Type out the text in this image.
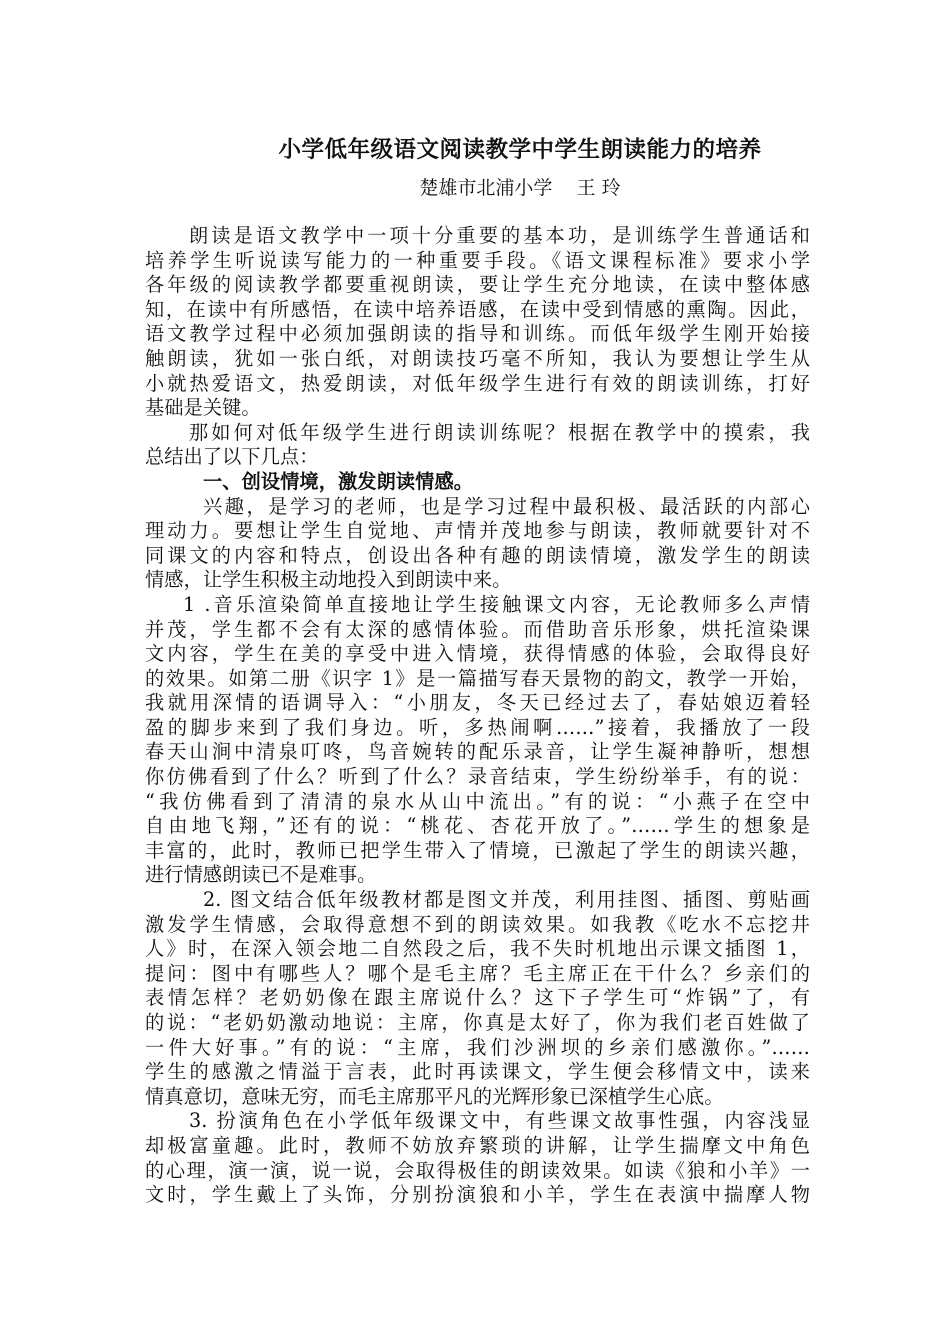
小学低年级语文阅读教学中学生朗读能力的培养
楚雄市北浦小学    王 玲
朗读是语文教学中一项十分重要的基本功，是训练学生普通话和
培养学生听说读写能力的一种重要手段。《语文课程标准》要求小学
各年级的阅读教学都要重视朗读，要让学生充分地读，在读中整体感
知，在读中有所感悟，在读中培养语感，在读中受到情感的熏陶。因此，
语文教学过程中必须加强朗读的指导和训练。而低年级学生刚开始接
触朗读，犹如一张白纸，对朗读技巧毫不所知，我认为要想让学生从
小就热爱语文，热爱朗读，对低年级学生进行有效的朗读训练，打好
基础是关键。
那如何对低年级学生进行朗读训练呢？根据在教学中的摸索，我
总结出了以下几点：
一、创设情境，激发朗读情感。
兴趣，是学习的老师，也是学习过程中最积极、最活跃的内部心
理动力。要想让学生自觉地、声情并茂地参与朗读，教师就要针对不
同课文的内容和特点，创设出各种有趣的朗读情境，激发学生的朗读
情感，让学生积极主动地投入到朗读中来。
1 .音乐渲染简单直接地让学生接触课文内容，无论教师多么声情
并茂，学生都不会有太深的感情体验。而借助音乐形象，烘托渲染课
文内容，学生在美的享受中进入情境，获得情感的体验，会取得良好
的效果。如第二册《识字 1》是一篇描写春天景物的韵文，教学一开始，
我就用深情的语调导入：“小朋友，冬天已经过去了，春姑娘迈着轻
盈的脚步来到了我们身边。听，多热闹啊……”接着，我播放了一段
春天山涧中清泉叮咚，鸟音婉转的配乐录音，让学生凝神静听，想想
你仿佛看到了什么？听到了什么？录音结束，学生纷纷举手，有的说：
“我仿佛看到了清清的泉水从山中流出。”有的说：“小燕子在空中
自由地飞翔，”还有的说：“桃花、杏花开放了。”……学生的想象是
丰富的，此时，教师已把学生带入了情境，已激起了学生的朗读兴趣，
进行情感朗读已不是难事。
2. 图文结合低年级教材都是图文并茂，利用挂图、插图、剪贴画
激发学生情感，会取得意想不到的朗读效果。如我教《吃水不忘挖井
人》时，在深入领会地二自然段之后，我不失时机地出示课文插图 1，
提问：图中有哪些人？哪个是毛主席？毛主席正在干什么？乡亲们的
表情怎样？老奶奶像在跟主席说什么？这下子学生可“炸锅”了，有
的说：“老奶奶激动地说：主席，你真是太好了，你为我们老百姓做了
一件大好事。”有的说：“主席，我们沙洲坝的乡亲们感激你。”……
学生的感激之情溢于言表，此时再读课文，学生便会移情文中，读来
情真意切，意味无穷，而毛主席那平凡的光辉形象已深植学生心底。
3. 扮演角色在小学低年级课文中，有些课文故事性强，内容浅显
却极富童趣。此时，教师不妨放弃繁琐的讲解，让学生揣摩文中角色
的心理，演一演，说一说，会取得极佳的朗读效果。如读《狼和小羊》一
文时，学生戴上了头饰，分别扮演狼和小羊，学生在表演中揣摩人物
